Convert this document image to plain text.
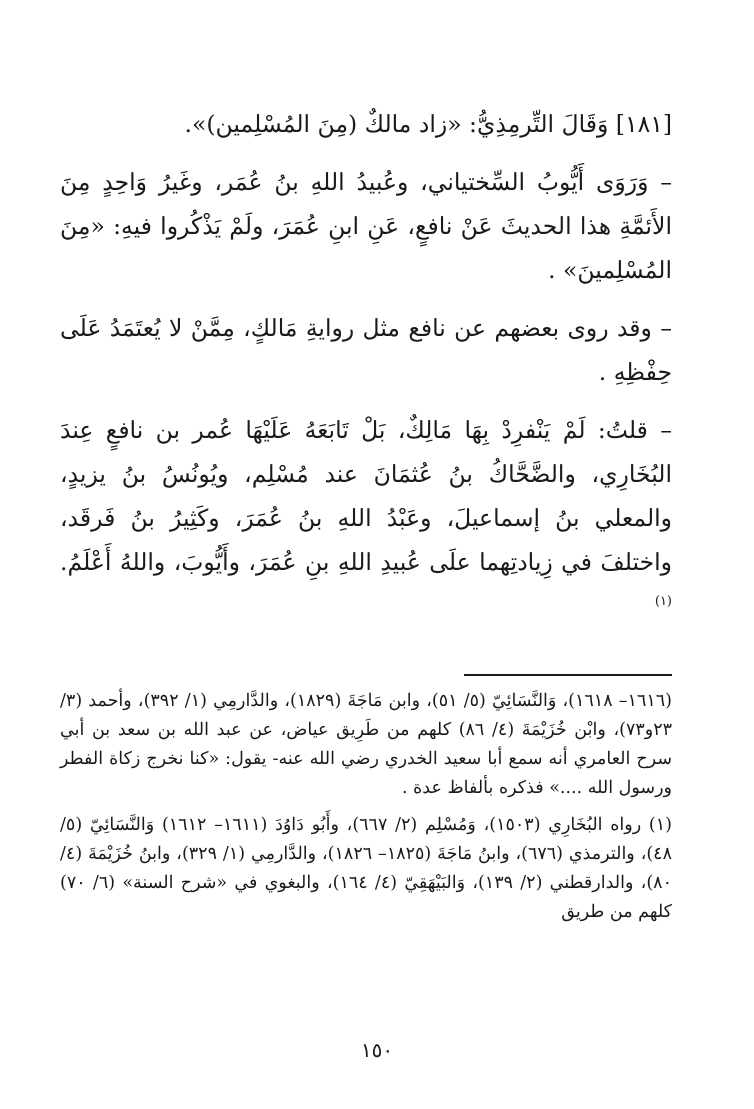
[١٨١] وَقَالَ التِّرمِذِيُّ: «زاد مالكٌ (مِنَ المُسْلِمين)».

– وَرَوَى أَيُّوبُ السِّختياني، وعُبيدُ اللهِ بنُ عُمَر، وغَيرُ وَاحِدٍ مِنَ الأَئمَّةِ هذا الحديثَ عَنْ نافعٍ، عَنِ ابنِ عُمَرَ، ولَمْ يَذْكُروا فيهِ: «مِنَ المُسْلِمينَ» .

– وقد روى بعضهم عن نافع مثل روايةِ مَالكٍ، مِمَّنْ لا يُعتَمَدُ عَلَى حِفْظِهِ .

– قلتُ: لَمْ يَنْفرِدْ بِهَا مَالِكٌ، بَلْ تَابَعَهُ عَلَيْهَا عُمر بن نافعٍ عِندَ البُخَارِي، والضَّحَّاكُ بنُ عُثمَانَ عند مُسْلِم، ويُونُسُ بنُ يزيدٍ، والمعلي بنُ إسماعيلَ، وعَبْدُ اللهِ بنُ عُمَرَ، وكَثِيرُ بنُ فَرقَد، واختلفَ في زِيادتِهما علَى عُبيدِ اللهِ بنِ عُمَرَ، وأَيُّوبَ، واللهُ أَعْلَمُ. $^{(١)}$

(١٦١٦– ١٦١٨)، وَالنَّسَائِيّ (٥/ ٥١)، وابن مَاجَةَ (١٨٢٩)، والدَّارمِي (١/ ٣٩٢)، وأحمد (٣/ ٢٣و٧٣)، وابْن خُزَيْمَةَ (٤/ ٨٦) كلهم من طَرِيق عياض، عن عبد الله بن سعد بن أبي سرح العامري أنه سمع أبا سعيد الخدري رضي الله عنه- يقول: «كنا نخرج زكاة الفطر ورسول الله ....» فذكره بألفاظ عدة .

(١) رواه البُخَارِي (١٥٠٣)، وَمُسْلِم (٢/ ٦٦٧)، وأَبُو دَاوُدَ (١٦١١– ١٦١٢) وَالنَّسَائِيّ (٥/ ٤٨)، والترمذي (٦٧٦)، وابنُ مَاجَةَ (١٨٢٥– ١٨٢٦)، والدَّارمِي (١/ ٣٢٩)، وابنُ خُزَيْمَةَ (٤/ ٨٠)، والدارقطني (٢/ ١٣٩)، وَالبَيْهَقِيّ (٤/ ١٦٤)، والبغوي في «شرح السنة» (٦/ ٧٠) كلهم من طريق

١٥٠
